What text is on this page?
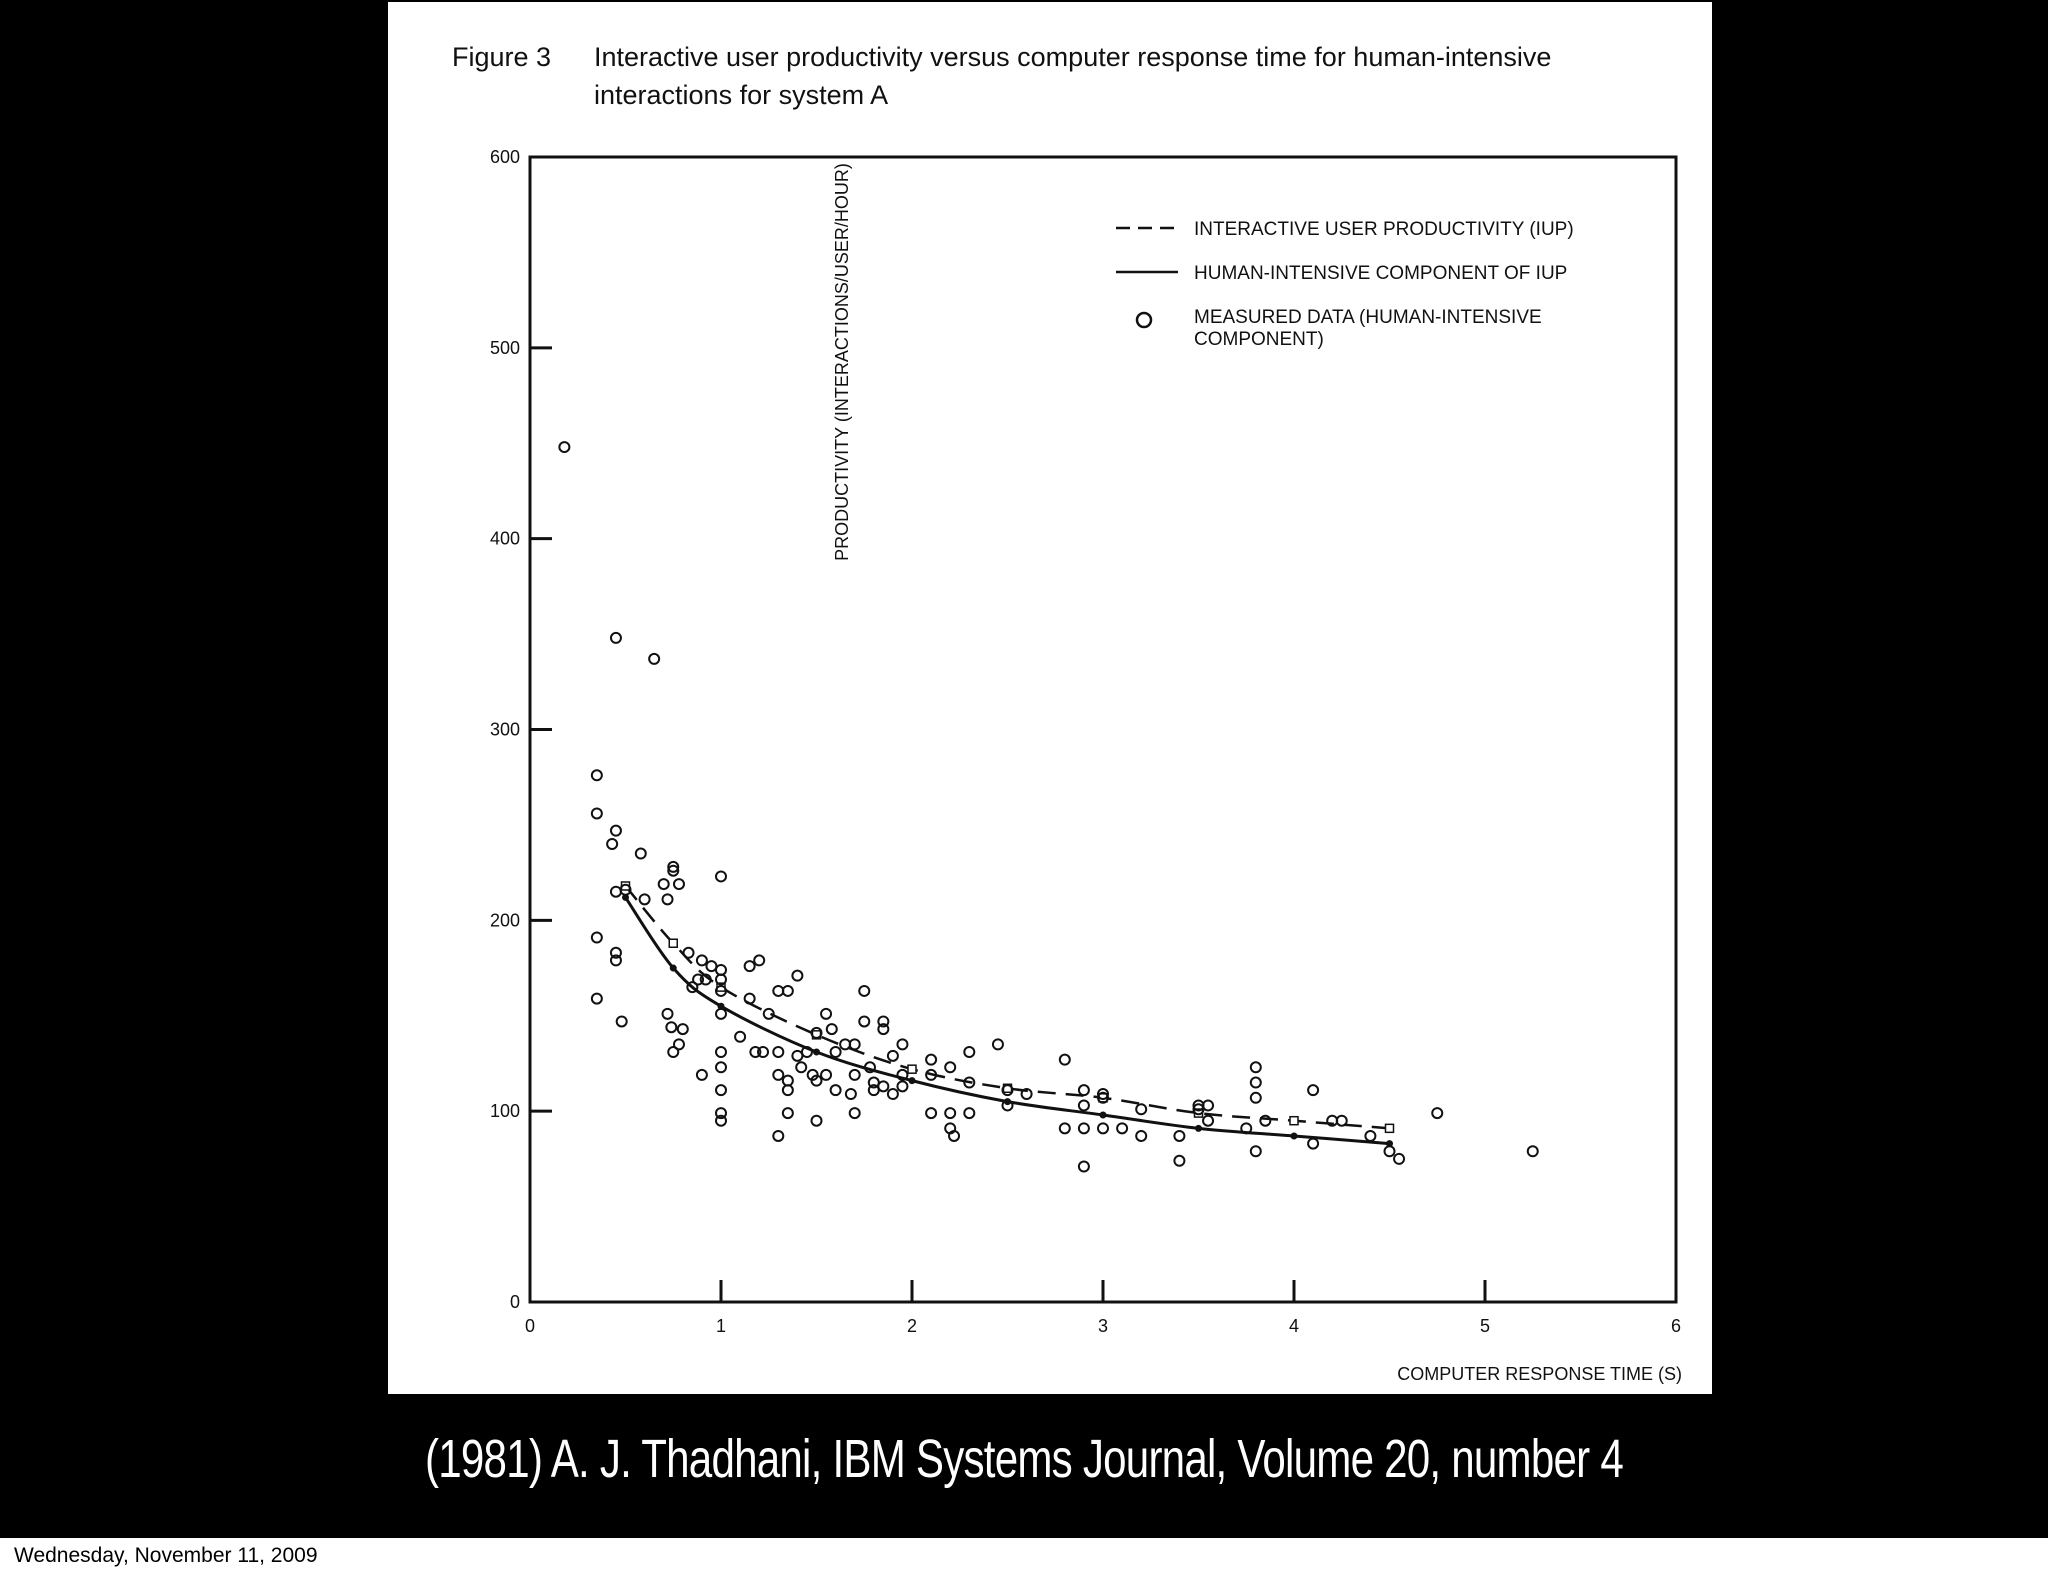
Figure 3	Interactive user productivity versus computer response time for human-intensive interactions for system A
PRODUCTIVITY (INTERACTIONS/USER/HOUR)
COMPUTER RESPONSE TIME (S)
INTERACTIVE USER PRODUCTIVITY (IUP)
HUMAN-INTENSIVE COMPONENT OF IUP
MEASURED DATA (HUMAN-INTENSIVE COMPONENT)
0	1	2	3	4	5	6
0
100
200
300
400
500
600
(1981) A. J. Thadhani, IBM Systems Journal, Volume 20, number 4
Wednesday, November 11, 2009
